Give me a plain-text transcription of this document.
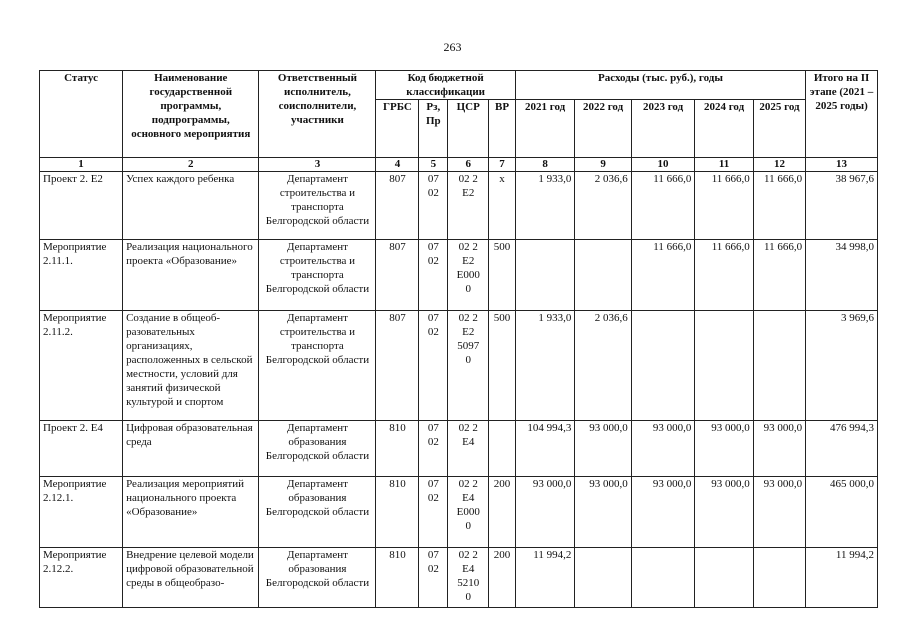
263
Статус	Наименование государственной программы, подпрограммы, основного мероприятия	Ответственный исполнитель, соисполнители, участники	Код бюджетной классификации				Расходы (тыс. руб.), годы					Итого на II этапе (2021 – 2025 годы)
			ГРБС	Рз, Пр	ЦСР	ВР	2021 год	2022 год	2023 год	2024 год	2025 год	
1	2	3	4	5	6	7	8	9	10	11	12	13
Проект 2. Е2	Успех каждого ребенка	Департамент строительства и транспорта Белгородской области	807	07 02	02 2 Е2	х	1 933,0	2 036,6	11 666,0	11 666,0	11 666,0	38 967,6
Мероприятие 2.11.1.	Реализация национального проекта «Образование»	Департамент строительства и транспорта Белгородской области	807	07 02	02 2 Е2 Е000 0	500			11 666,0	11 666,0	11 666,0	34 998,0
Мероприятие 2.11.2.	Создание в общеоб-разовательных организациях, расположенных в сельской местности, условий для занятий физической культурой и спортом	Департамент строительства и транспорта Белгородской области	807	07 02	02 2 Е2 5097 0	500	1 933,0	2 036,6				3 969,6
Проект 2. Е4	Цифровая образовательная среда	Департамент образования Белгородской области	810	07 02	02 2 Е4		104 994,3	93 000,0	93 000,0	93 000,0	93 000,0	476 994,3
Мероприятие 2.12.1.	Реализация мероприятий национального проекта «Образование»	Департамент образования Белгородской области	810	07 02	02 2 Е4 Е000 0	200	93 000,0	93 000,0	93 000,0	93 000,0	93 000,0	465 000,0
Мероприятие 2.12.2.	Внедрение целевой модели цифровой образовательной среды в общеобразо-	Департамент образования Белгородской области	810	07 02	02 2 Е4 5210 0	200	11 994,2					11 994,2
